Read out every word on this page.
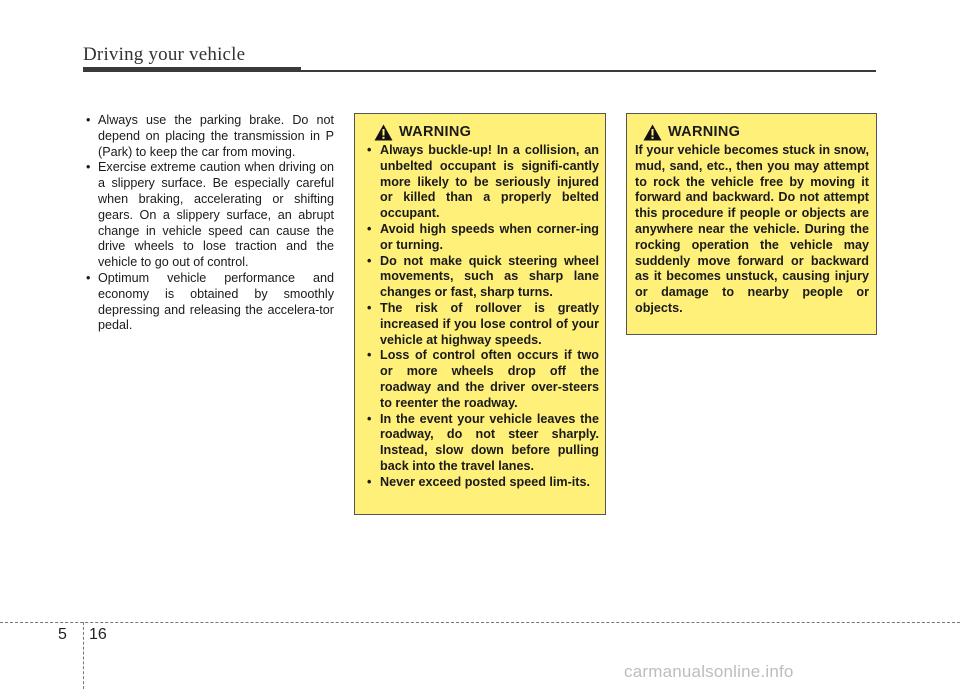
Driving your vehicle
• Always use the parking brake. Do not depend on placing the transmission in P (Park) to keep the car from moving.
• Exercise extreme caution when driving on a slippery surface. Be especially careful when braking, accelerating or shifting gears. On a slippery surface, an abrupt change in vehicle speed can cause the drive wheels to lose traction and the vehicle to go out of control.
• Optimum vehicle performance and economy is obtained by smoothly depressing and releasing the accelera-tor pedal.
WARNING
• Always buckle-up! In a collision, an unbelted occupant is signifi-cantly more likely to be seriously injured or killed than a properly belted occupant.
• Avoid high speeds when corner-ing or turning.
• Do not make quick steering wheel movements, such as sharp lane changes or fast, sharp turns.
• The risk of rollover is greatly increased if you lose control of your vehicle at highway speeds.
• Loss of control often occurs if two or more wheels drop off the roadway and the driver over-steers to reenter the roadway.
• In the event your vehicle leaves the roadway, do not steer sharply. Instead, slow down before pulling back into the travel lanes.
• Never exceed posted speed lim-its.
WARNING

If your vehicle becomes stuck in snow, mud, sand, etc., then you may attempt to rock the vehicle free by moving it forward and backward. Do not attempt this procedure if people or objects are anywhere near the vehicle. During the rocking operation the vehicle may suddenly move forward or backward as it becomes unstuck, causing injury or damage to nearby people or objects.

5 16
carmanualsonline.info
